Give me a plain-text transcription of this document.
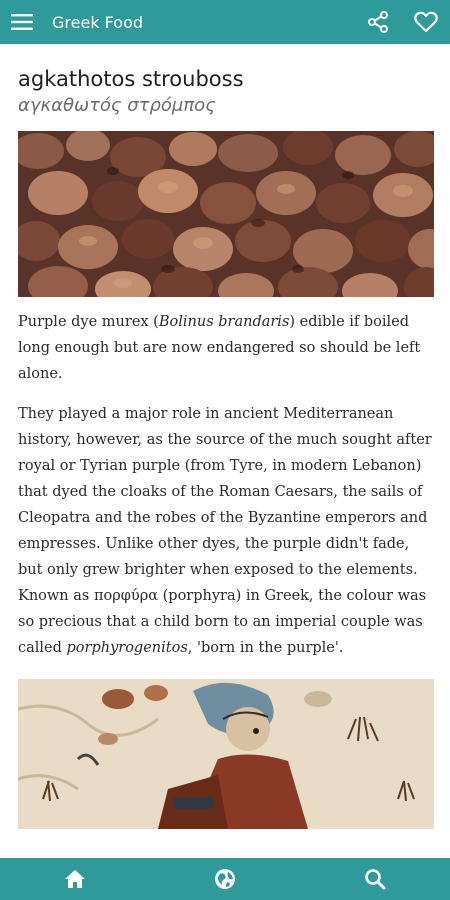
Greek Food
agkathotos strouboss
αγκαθωτός στρόμπος

Purple dye murex (Bolinus brandaris) edible if boiled long enough but are now endangered so should be left alone.

They played a major role in ancient Mediterranean history, however, as the source of the much sought after royal or Tyrian purple (from Tyre, in modern Lebanon) that dyed the cloaks of the Roman Caesars, the sails of Cleopatra and the robes of the Byzantine emperors and empresses. Unlike other dyes, the purple didn't fade, but only grew brighter when exposed to the elements. Known as πορφύρα (porphyra) in Greek, the colour was so precious that a child born to an imperial couple was called porphyrogenitos, 'born in the purple'.
